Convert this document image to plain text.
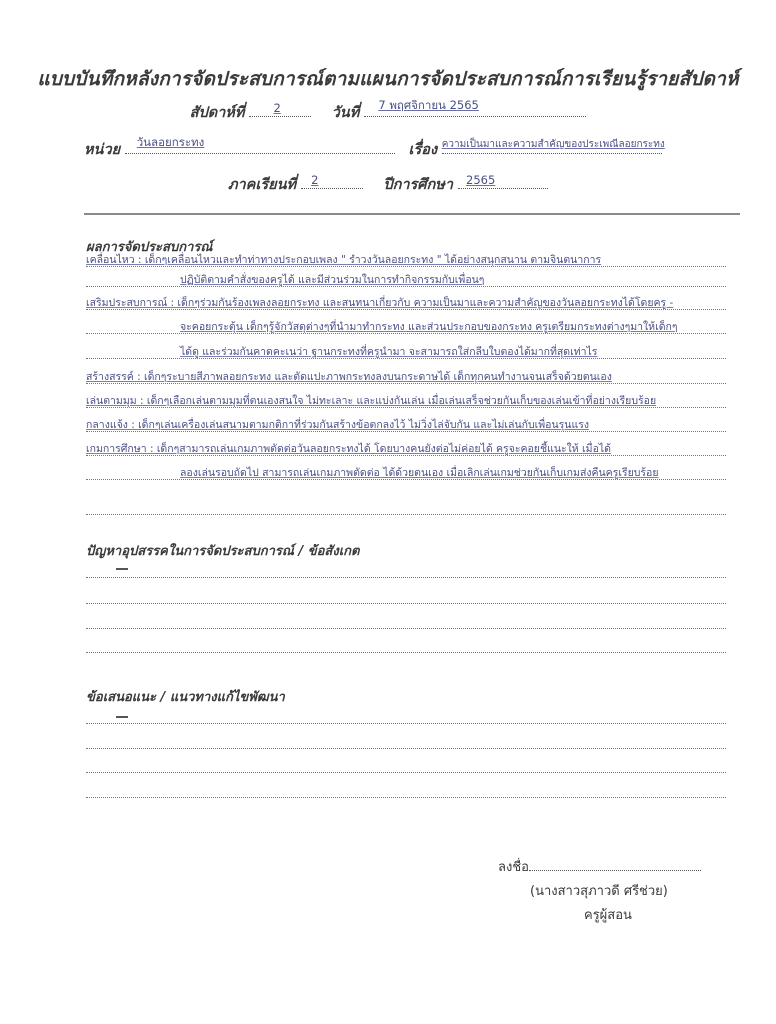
แบบบันทึกหลังการจัดประสบการณ์ตามแผนการจัดประสบการณ์การเรียนรู้รายสัปดาห์
สัปดาห์ที่	2	วันที่ 7 พฤศจิกายน 2565
หน่วย วันลอยกระทง	เรื่อง ความเป็นมาและความสำคัญของประเพณีลอยกระทง
ภาคเรียนที่ 2	ปีการศึกษา 2565
ผลการจัดประสบการณ์
เคลื่อนไหว : เด็กๆเคลื่อนไหวและทำท่าทางประกอบเพลง " รำวงวันลอยกระทง " ได้อย่างสนุกสนาน ตามจินตนาการ
ปฏิบัติตามคำสั่งของครูได้ และมีส่วนร่วมในการทำกิจกรรมกับเพื่อนๆ
เสริมประสบการณ์ : เด็กๆร่วมกันร้องเพลงลอยกระทง และสนทนาเกี่ยวกับ ความเป็นมาและความสำคัญของวันลอยกระทงได้โดยครู -
จะคอยกระตุ้น เด็กๆรู้จักวัสดุต่างๆที่นำมาทำกระทง และส่วนประกอบของกระทง ครูเตรียมกระทงต่างๆมาให้เด็กๆ
ได้ดู และร่วมกันคาดคะเนว่า ฐานกระทงที่ครูนำมา จะสามารถใส่กลีบใบตองได้มากที่สุดเท่าไร
สร้างสรรค์ : เด็กๆระบายสีภาพลอยกระทง และตัดแปะภาพกระทงลงบนกระดาษได้ เด็กทุกคนทำงานจนเสร็จด้วยตนเอง
เล่นตามมุม : เด็กๆเลือกเล่นตามมุมที่ตนเองสนใจ ไม่ทะเลาะ และแบ่งกันเล่น เมื่อเล่นเสร็จช่วยกันเก็บของเล่นเข้าที่อย่างเรียบร้อย
กลางแจ้ง : เด็กๆเล่นเครื่องเล่นสนามตามกติกาที่ร่วมกันสร้างข้อตกลงไว้ ไม่วิ่งไล่จับกัน และไม่เล่นกับเพื่อนรุนแรง
เกมการศึกษา : เด็กๆสามารถเล่นเกมภาพตัดต่อวันลอยกระทงได้ โดยบางคนยังต่อไม่ค่อยได้ ครูจะคอยชี้แนะให้ เมื่อได้
ลองเล่นรอบถัดไป สามารถเล่นเกมภาพตัดต่อ ได้ด้วยตนเอง เมื่อเลิกเล่นเกมช่วยกันเก็บเกมส่งคืนครูเรียบร้อย
ปัญหาอุปสรรคในการจัดประสบการณ์ / ข้อสังเกต
ข้อเสนอแนะ / แนวทางแก้ไขพัฒนา
ลงชื่อ
(นางสาวสุภาวดี ศรีช่วย)
ครูผู้สอน
